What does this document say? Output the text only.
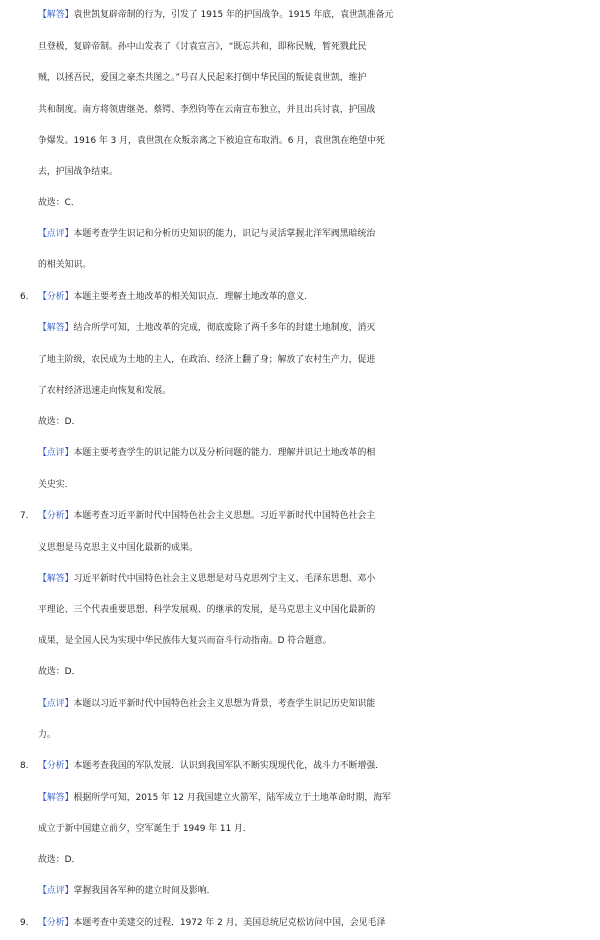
【解答】袁世凯复辟帝制的行为，引发了 1915 年的护国战争。1915 年底，袁世凯准备元
旦登极，复辟帝制。孙中山发表了《讨袁宣言》，“既忘共和，即称民贼，暂死戮此民
贼，以拯吾民，爱国之豪杰共图之。”号召人民起来打倒中华民国的叛徒袁世凯，维护
共和制度。南方将领唐继尧、蔡锷、李烈钧等在云南宣布独立，并且出兵讨袁，护国战
争爆发。1916 年 3 月，袁世凯在众叛亲离之下被迫宣布取消。6 月，袁世凯在绝望中死
去，护国战争结束。
故选：C．
【点评】本题考查学生识记和分析历史知识的能力，识记与灵活掌握北洋军阀黑暗统治
的相关知识。
6. 【分析】本题主要考查土地改革的相关知识点．理解土地改革的意义．
【解答】结合所学可知，土地改革的完成，彻底废除了两千多年的封建土地制度，消灭
了地主阶级，农民成为土地的主人，在政治、经济上翻了身；解放了农村生产力，促进
了农村经济迅速走向恢复和发展。
故选：D．
【点评】本题主要考查学生的识记能力以及分析问题的能力．理解并识记土地改革的相
关史实．
7. 【分析】本题考查习近平新时代中国特色社会主义思想。习近平新时代中国特色社会主
义思想是马克思主义中国化最新的成果。
【解答】习近平新时代中国特色社会主义思想是对马克思列宁主义、毛泽东思想、邓小
平理论、三个代表重要思想、科学发展观、的继承的发展，是马克思主义中国化最新的
成果，是全国人民为实现中华民族伟大复兴而奋斗行动指南。D 符合题意。
故选：D．
【点评】本题以习近平新时代中国特色社会主义思想为背景，考查学生识记历史知识能
力。
8. 【分析】本题考查我国的军队发展．认识到我国军队不断实现现代化，战斗力不断增强．
【解答】根据所学可知，2015 年 12 月我国建立火箭军，陆军成立于土地革命时期，海军
成立于新中国建立前夕，空军诞生于 1949 年 11 月．
故选：D．
【点评】掌握我国各军种的建立时间及影响．
9. 【分析】本题考查中美建交的过程．1972 年 2 月，美国总统尼克松访问中国，会见毛泽
